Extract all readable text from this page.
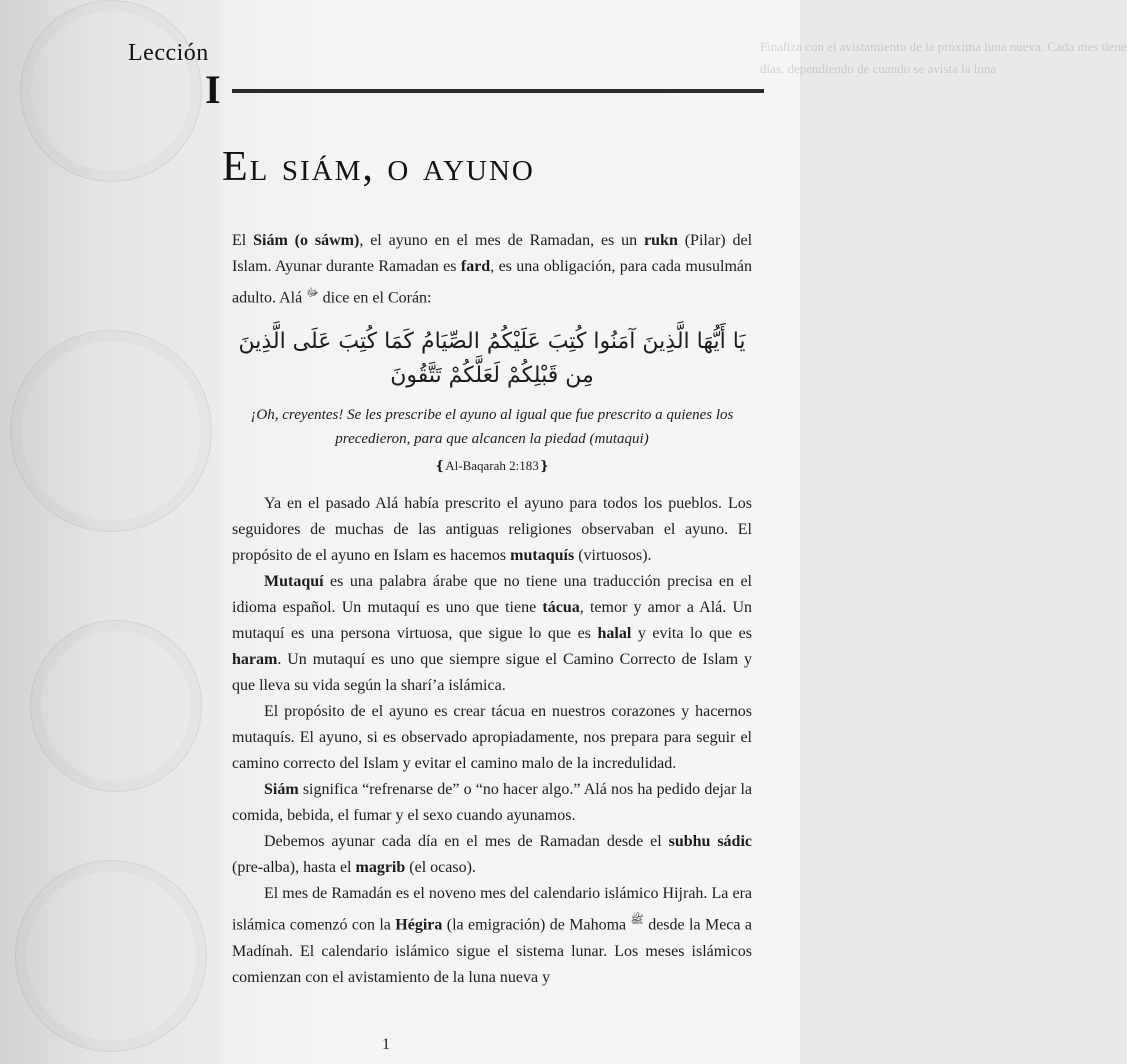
Finaliza con el avistamiento de la próxima luna nueva. Cada mes tiene
días, dependiendo de cuando se avista la luna
Lección
I
El siám, o ayuno

El Siám (o sáwm), el ayuno en el mes de Ramadan, es un rukn (Pilar) del Islam. Ayunar durante Ramadan es fard, es una obligación, para cada musulmán adulto. Alá $^ﷻ$ dice en el Corán:

يَا أَيُّهَا الَّذِينَ آمَنُوا كُتِبَ عَلَيْكُمُ الصِّيَامُ كَمَا كُتِبَ عَلَى الَّذِينَ مِن قَبْلِكُمْ لَعَلَّكُمْ تَتَّقُونَ

¡Oh, creyentes! Se les prescribe el ayuno al igual que fue prescrito a quienes los precedieron, para que alcancen la piedad (mutaqui)

❴Al-Baqarah 2:183❵

Ya en el pasado Alá había prescrito el ayuno para todos los pueblos. Los seguidores de muchas de las antiguas religiones observaban el ayuno. El propósito de el ayuno en Islam es hacemos mutaquís (virtuosos).

Mutaquí es una palabra árabe que no tiene una traducción precisa en el idioma español. Un mutaquí es uno que tiene tácua, temor y amor a Alá. Un mutaquí es una persona virtuosa, que sigue lo que es halal y evita lo que es haram. Un mutaquí es uno que siempre sigue el Camino Correcto de Islam y que lleva su vida según la sharí’a islámica.

El propósito de el ayuno es crear tácua en nuestros corazones y hacernos mutaquís. El ayuno, si es observado apropiadamente, nos prepara para seguir el camino correcto del Islam y evitar el camino malo de la incredulidad.

Siám significa “refrenarse de” o “no hacer algo.” Alá nos ha pedido dejar la comida, bebida, el fumar y el sexo cuando ayunamos.

Debemos ayunar cada día en el mes de Ramadan desde el subhu sádic (pre-alba), hasta el magrib (el ocaso).

El mes de Ramadán es el noveno mes del calendario islámico Hijrah. La era islámica comenzó con la Hégira (la emigración) de Mahoma $^ﷺ$ desde la Meca a Madínah. El calendario islámico sigue el sistema lunar. Los meses islámicos comienzan con el avistamiento de la luna nueva y

1
